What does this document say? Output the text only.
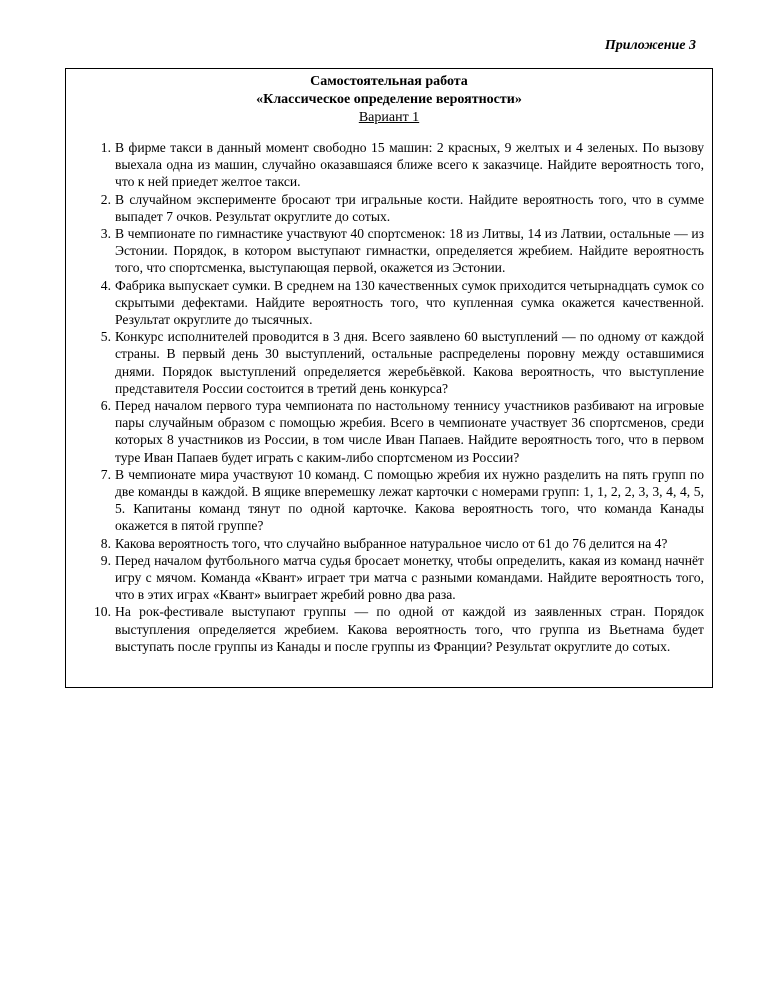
Приложение 3
Самостоятельная работа
«Классическое определение вероятности»
Вариант 1
1. В фирме такси в данный момент свободно 15 машин: 2 красных, 9 желтых и 4 зеленых. По вызову выехала одна из машин, случайно оказавшаяся ближе всего к заказчице. Найдите вероятность того, что к ней приедет желтое такси.
2. В случайном эксперименте бросают три игральные кости. Найдите вероятность того, что в сумме выпадет 7 очков. Результат округлите до сотых.
3. В чемпионате по гимнастике участвуют 40 спортсменок: 18 из Литвы, 14 из Латвии, остальные — из Эстонии. Порядок, в котором выступают гимнастки, определяется жребием. Найдите вероятность того, что спортсменка, выступающая первой, окажется из Эстонии.
4. Фабрика выпускает сумки. В среднем на 130 качественных сумок приходится четырнадцать сумок со скрытыми дефектами. Найдите вероятность того, что купленная сумка окажется качественной. Результат округлите до тысячных.
5. Конкурс исполнителей проводится в 3 дня. Всего заявлено 60 выступлений — по одному от каждой страны. В первый день 30 выступлений, остальные распределены поровну между оставшимися днями. Порядок выступлений определяется жеребьёвкой. Какова вероятность, что выступление представителя России состоится в третий день конкурса?
6. Перед началом первого тура чемпионата по настольному теннису участников разбивают на игровые пары случайным образом с помощью жребия. Всего в чемпионате участвует 36 спортсменов, среди которых 8 участников из России, в том числе Иван Папаев. Найдите вероятность того, что в первом туре Иван Папаев будет играть с каким-либо спортсменом из России?
7. В чемпионате мира участвуют 10 команд. С помощью жребия их нужно разделить на пять групп по две команды в каждой. В ящике вперемешку лежат карточки с номерами групп: 1, 1, 2, 2, 3, 3, 4, 4, 5, 5. Капитаны команд тянут по одной карточке. Какова вероятность того, что команда Канады окажется в пятой группе?
8. Какова вероятность того, что случайно выбранное натуральное число от 61 до 76 делится на 4?
9. Перед началом футбольного матча судья бросает монетку, чтобы определить, какая из команд начнёт игру с мячом. Команда «Квант» играет три матча с разными командами. Найдите вероятность того, что в этих играх «Квант» выиграет жребий ровно два раза.
10. На рок-фестивале выступают группы — по одной от каждой из заявленных стран. Порядок выступления определяется жребием. Какова вероятность того, что группа из Вьетнама будет выступать после группы из Канады и после группы из Франции? Результат округлите до сотых.
